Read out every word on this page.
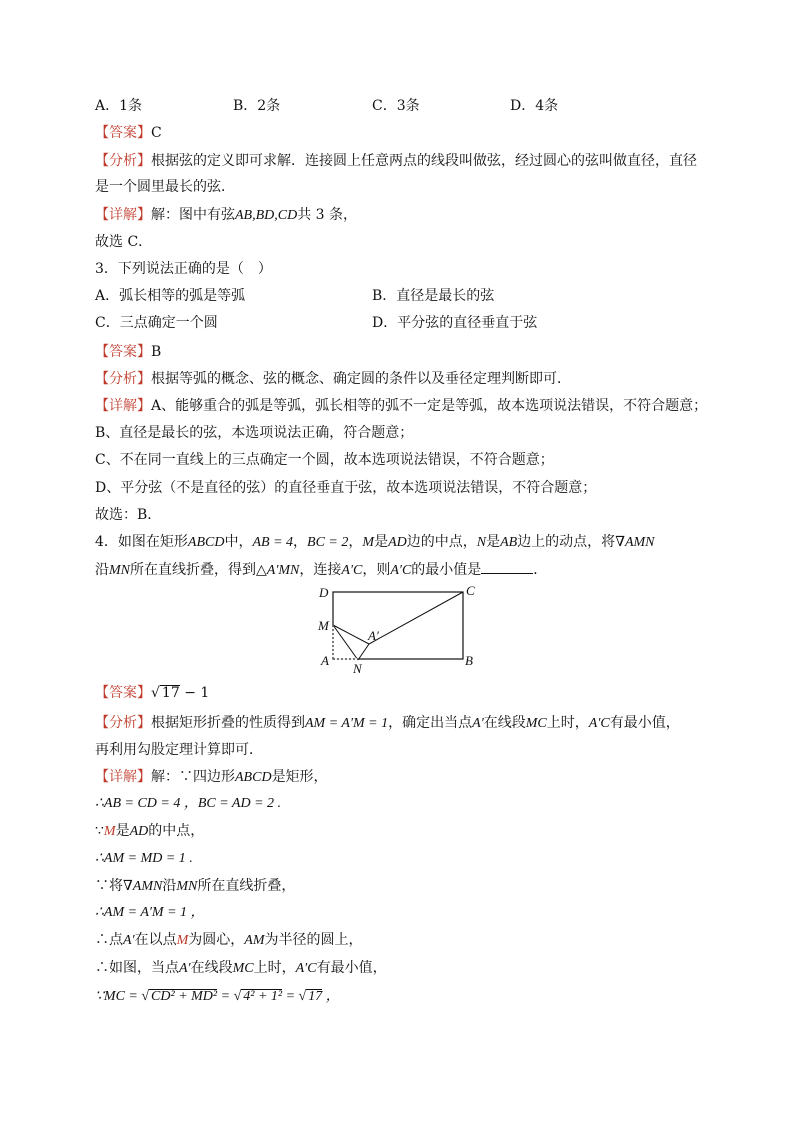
A．1条	B．2条	C．3条	D．4条
【答案】C
【分析】根据弦的定义即可求解．连接圆上任意两点的线段叫做弦，经过圆心的弦叫做直径，直径
是一个圆里最长的弦．
【详解】解：图中有弦AB,BD,CD共 3 条，
故选 C．
3．下列说法正确的是（　）
A．弧长相等的弧是等弧	B．直径是最长的弦
C．三点确定一个圆	D．平分弦的直径垂直于弦
【答案】B
【分析】根据等弧的概念、弦的概念、确定圆的条件以及垂径定理判断即可．
【详解】A、能够重合的弧是等弧，弧长相等的弧不一定是等弧，故本选项说法错误，不符合题意；
B、直径是最长的弦，本选项说法正确，符合题意；
C、不在同一直线上的三点确定一个圆，故本选项说法错误，不符合题意；
D、平分弦（不是直径的弦）的直径垂直于弦，故本选项说法错误，不符合题意；
故选：B．
4．如图在矩形ABCD中，AB = 4，BC = 2，M是AD边的中点，N是AB边上的动点，将∇AMN
沿MN所在直线折叠，得到△A′MN，连接A′C，则A′C的最小值是	．
D	C
M
A′
A
N
B
【答案】√ 17 − 1
【分析】根据矩形折叠的性质得到AM = A′M = 1，确定出当点A′在线段MC上时，A′C有最小值，
再利用勾股定理计算即可．
【详解】解：∵四边形ABCD是矩形，
∴AB = CD = 4 ，BC = AD = 2 .
∵M是AD的中点，
∴AM = MD = 1 .
∵将∇AMN沿MN所在直线折叠，
∴AM = A′M = 1 ，
∴点A′在以点M为圆心，AM为半径的圆上，
∴如图，当点A′在线段MC上时，A′C有最小值，
∵MC = √ CD² + MD² = √ 4² + 1² = √ 17 ，
